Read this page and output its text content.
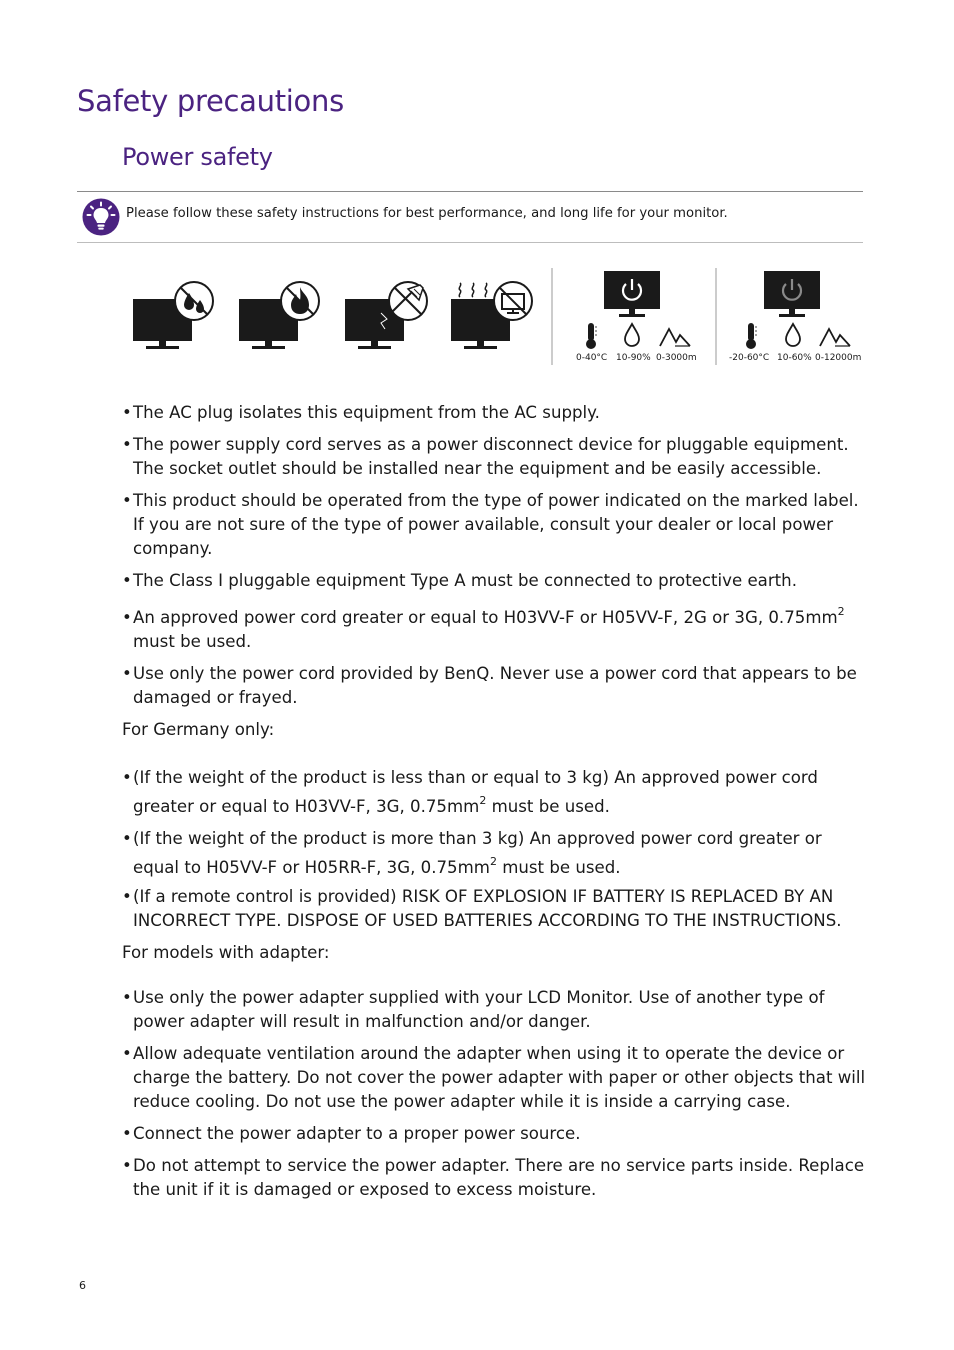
Safety precautions
Power safety
Please follow these safety instructions for best performance, and long life for your monitor.
0-40°C 10-90% 0-3000m	-20-60°C 10-60% 0-12000m
• The AC plug isolates this equipment from the AC supply.
• The power supply cord serves as a power disconnect device for pluggable equipment. The socket outlet should be installed near the equipment and be easily accessible.
• This product should be operated from the type of power indicated on the marked label. If you are not sure of the type of power available, consult your dealer or local power company.
• The Class I pluggable equipment Type A must be connected to protective earth.
• An approved power cord greater or equal to H03VV-F or H05VV-F, 2G or 3G, $0.75mm^2$ must be used.
• Use only the power cord provided by BenQ. Never use a power cord that appears to be damaged or frayed.
For Germany only:
• (If the weight of the product is less than or equal to 3 kg) An approved power cord greater or equal to H03VV-F, 3G, $0.75mm^2$ must be used.
• (If the weight of the product is more than 3 kg) An approved power cord greater or equal to H05VV-F or H05RR-F, 3G, $0.75mm^2$ must be used.
• (If a remote control is provided) RISK OF EXPLOSION IF BATTERY IS REPLACED BY AN INCORRECT TYPE. DISPOSE OF USED BATTERIES ACCORDING TO THE INSTRUCTIONS.
For models with adapter:
• Use only the power adapter supplied with your LCD Monitor. Use of another type of power adapter will result in malfunction and/or danger.
• Allow adequate ventilation around the adapter when using it to operate the device or charge the battery. Do not cover the power adapter with paper or other objects that will reduce cooling. Do not use the power adapter while it is inside a carrying case.
• Connect the power adapter to a proper power source.
• Do not attempt to service the power adapter. There are no service parts inside. Replace the unit if it is damaged or exposed to excess moisture.
6
